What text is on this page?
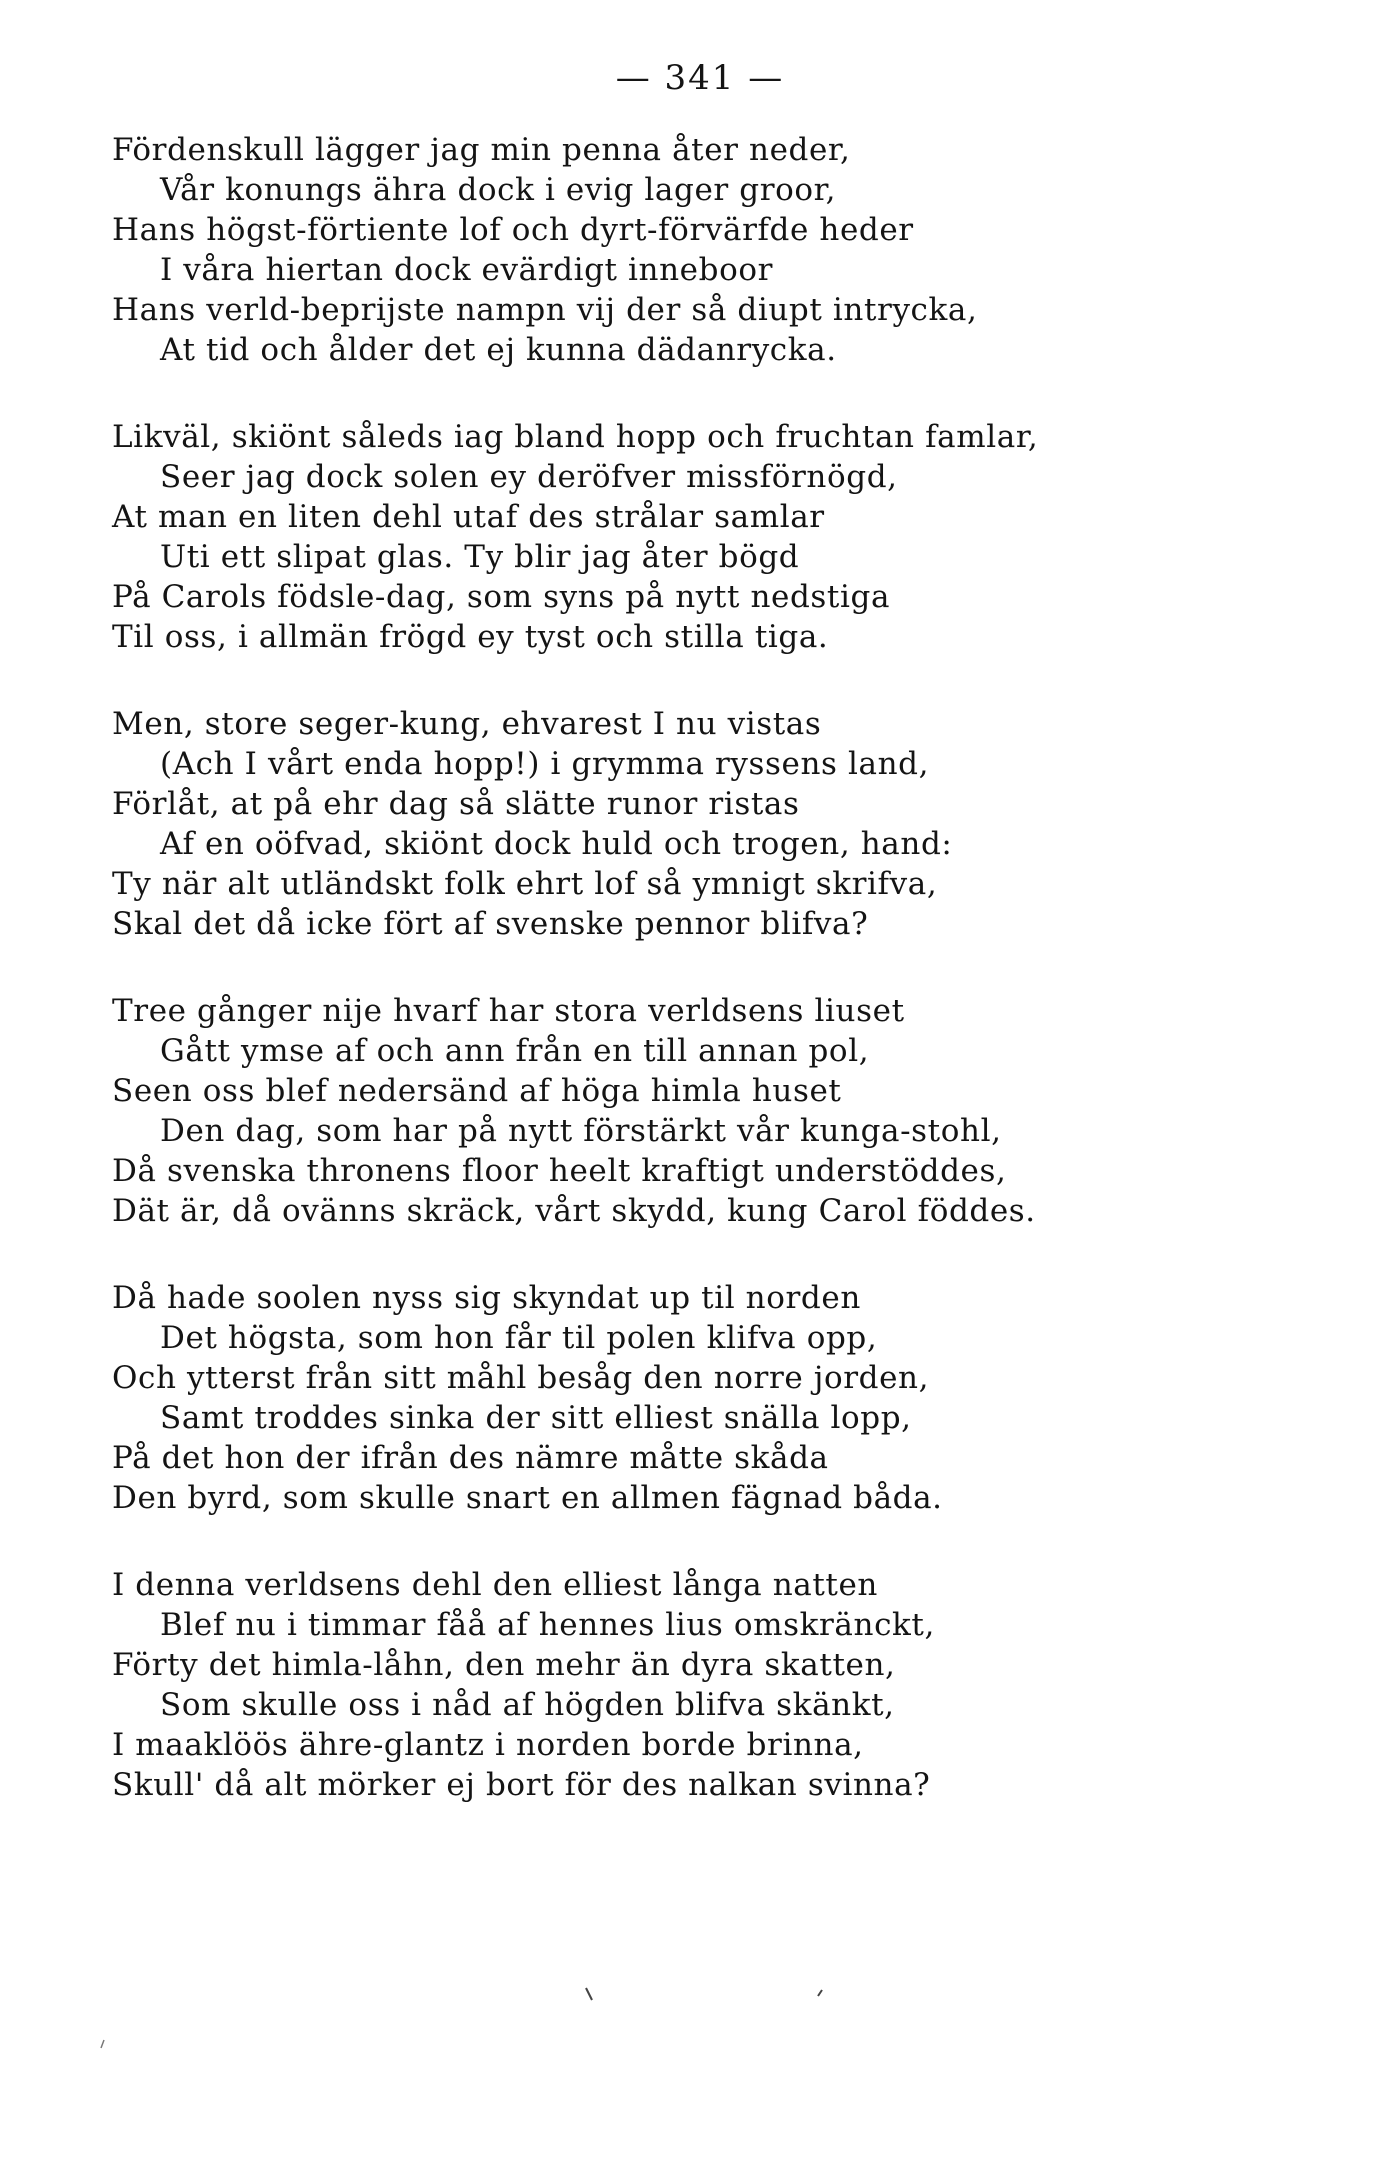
— 341 —
Fördenskull lägger jag min penna åter neder,
Vår konungs ähra dock i evig lager groor,
Hans högst-förtiente lof och dyrt-förvärfde heder
I våra hiertan dock evärdigt inneboor
Hans verld-beprijste nampn vij der så diupt intrycka,
At tid och ålder det ej kunna dädanrycka.
Likväl, skiönt såleds iag bland hopp och fruchtan famlar,
Seer jag dock solen ey deröfver missförnögd,
At man en liten dehl utaf des strålar samlar
Uti ett slipat glas. Ty blir jag åter bögd
På Carols födsle-dag, som syns på nytt nedstiga
Til oss, i allmän frögd ey tyst och stilla tiga.
Men, store seger-kung, ehvarest I nu vistas
(Ach I vårt enda hopp!) i grymma ryssens land,
Förlåt, at på ehr dag så slätte runor ristas
Af en oöfvad, skiönt dock huld och trogen, hand:
Ty när alt utländskt folk ehrt lof så ymnigt skrifva,
Skal det då icke fört af svenske pennor blifva?
Tree gånger nije hvarf har stora verldsens liuset
Gått ymse af och ann från en till annan pol,
Seen oss blef nedersänd af höga himla huset
Den dag, som har på nytt förstärkt vår kunga-stohl,
Då svenska thronens floor heelt kraftigt understöddes,
Dät är, då ovänns skräck, vårt skydd, kung Carol föddes.
Då hade soolen nyss sig skyndat up til norden
Det högsta, som hon får til polen klifva opp,
Och ytterst från sitt måhl besåg den norre jorden,
Samt troddes sinka der sitt elliest snälla lopp,
På det hon der ifrån des nämre måtte skåda
Den byrd, som skulle snart en allmen fägnad båda.
I denna verldsens dehl den elliest långa natten
Blef nu i timmar fåå af hennes lius omskränckt,
Förty det himla-låhn, den mehr än dyra skatten,
Som skulle oss i nåd af högden blifva skänkt,
I maaklöös ähre-glantz i norden borde brinna,
Skull' då alt mörker ej bort för des nalkan svinna?
